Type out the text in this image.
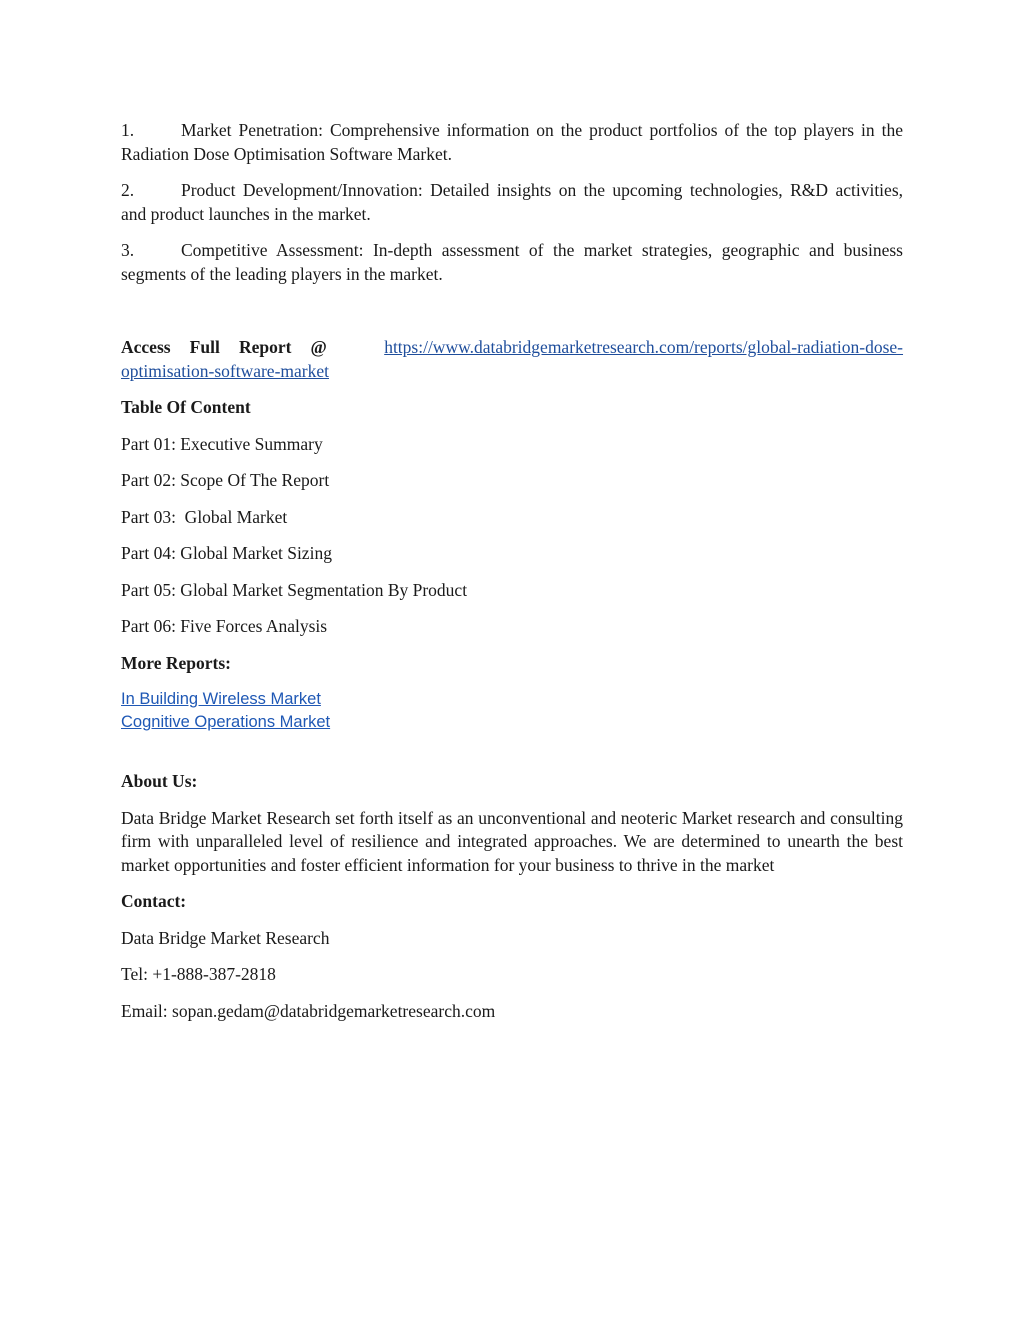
1.	Market Penetration: Comprehensive information on the product portfolios of the top players in the Radiation Dose Optimisation Software Market.

2.	Product Development/Innovation: Detailed insights on the upcoming technologies, R&D activities, and product launches in the market.

3.	Competitive Assessment: In-depth assessment of the market strategies, geographic and business segments of the leading players in the market.

Access Full Report @	https://www.databridgemarketresearch.com/reports/global-radiation-dose-optimisation-software-market

Table Of Content

Part 01: Executive Summary

Part 02: Scope Of The Report

Part 03:  Global Market

Part 04: Global Market Sizing

Part 05: Global Market Segmentation By Product

Part 06: Five Forces Analysis

More Reports:

In Building Wireless Market
Cognitive Operations Market

About Us:

Data Bridge Market Research set forth itself as an unconventional and neoteric Market research and consulting firm with unparalleled level of resilience and integrated approaches. We are determined to unearth the best market opportunities and foster efficient information for your business to thrive in the market

Contact:

Data Bridge Market Research

Tel: +1-888-387-2818

Email: sopan.gedam@databridgemarketresearch.com
